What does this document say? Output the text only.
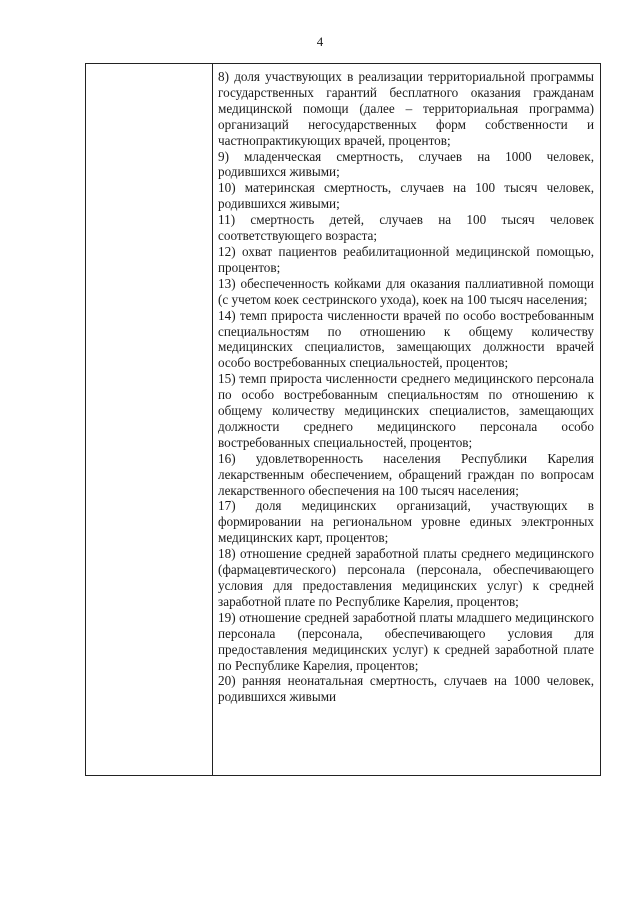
4

8) доля участвующих в реализации территориальной программы государственных гарантий бесплатного оказания гражданам медицинской помощи (далее – территориальная программа) организаций негосударственных форм собственности и частнопрактикующих врачей, процентов;

9) младенческая смертность, случаев на 1000 человек, родившихся живыми;

10) материнская смертность, случаев на 100 тысяч человек, родившихся живыми;

11) смертность детей, случаев на 100 тысяч человек соответствующего возраста;

12) охват пациентов реабилитационной медицинской помощью, процентов;

13) обеспеченность койками для оказания паллиативной помощи (с учетом коек сестринского ухода), коек на 100 тысяч населения;

14) темп прироста численности врачей по особо востребованным специальностям по отношению к общему количеству медицинских специалистов, замещающих должности врачей особо востребованных специальностей, процентов;

15) темп прироста численности среднего медицинского персонала по особо востребованным специальностям по отношению к общему количеству медицинских специалистов, замещающих должности среднего медицинского персонала особо востребованных специальностей, процентов;

16) удовлетворенность населения Республики Карелия лекарственным обеспечением, обращений граждан по вопросам лекарственного обеспечения на 100 тысяч населения;

17) доля медицинских организаций, участвующих в формировании на региональном уровне единых электронных медицинских карт, процентов;

18) отношение средней заработной платы среднего медицинского (фармацевтического) персонала (персонала, обеспечивающего условия для предоставления медицинских услуг) к средней заработной плате по Республике Карелия, процентов;

19) отношение средней заработной платы младшего медицинского персонала (персонала, обеспечивающего условия для предоставления медицинских услуг) к средней заработной плате по Республике Карелия, процентов;

20) ранняя неонатальная смертность, случаев на 1000 человек, родившихся живыми
